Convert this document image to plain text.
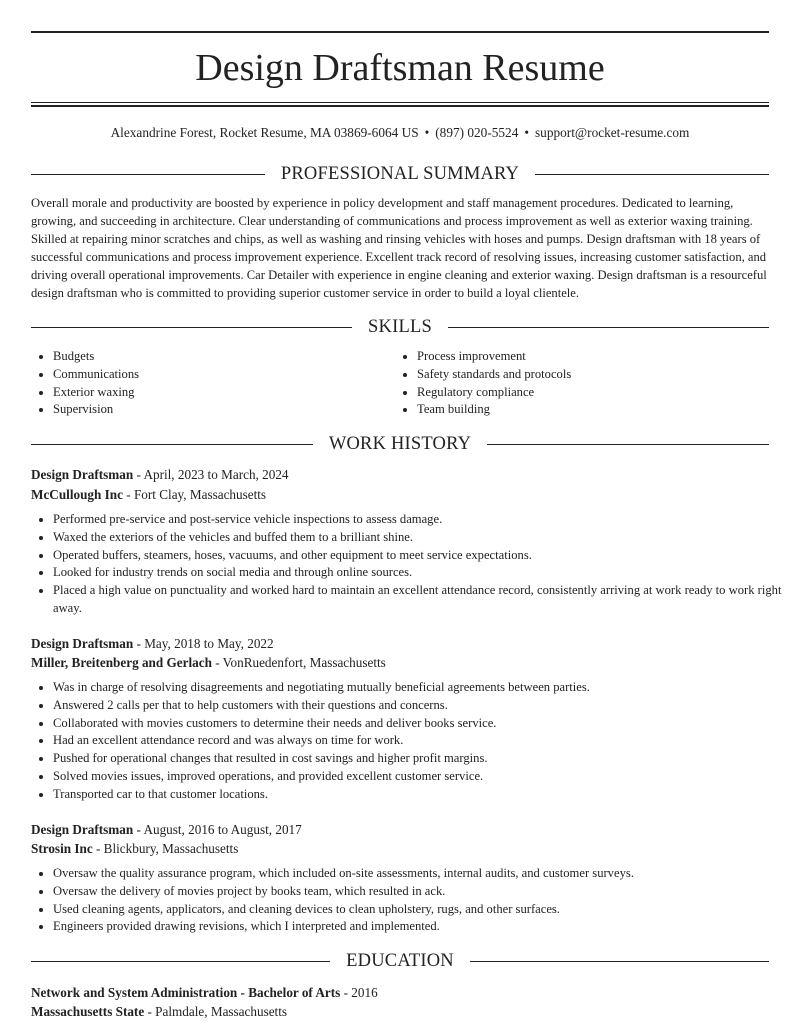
Design Draftsman Resume
Alexandrine Forest, Rocket Resume, MA 03869-6064 US • (897) 020-5524 • support@rocket-resume.com
PROFESSIONAL SUMMARY

Overall morale and productivity are boosted by experience in policy development and staff management procedures. Dedicated to learning, growing, and succeeding in architecture. Clear understanding of communications and process improvement as well as exterior waxing training. Skilled at repairing minor scratches and chips, as well as washing and rinsing vehicles with hoses and pumps. Design draftsman with 18 years of successful communications and process improvement experience. Excellent track record of resolving issues, increasing customer satisfaction, and driving overall operational improvements. Car Detailer with experience in engine cleaning and exterior waxing. Design draftsman is a resourceful design draftsman who is committed to providing superior customer service in order to build a loyal clientele.

SKILLS
• Budgets
• Communications
• Exterior waxing
• Supervision
• Process improvement
• Safety standards and protocols
• Regulatory compliance
• Team building
WORK HISTORY
Design Draftsman - April, 2023 to March, 2024
McCullough Inc - Fort Clay, Massachusetts
• Performed pre-service and post-service vehicle inspections to assess damage.
• Waxed the exteriors of the vehicles and buffed them to a brilliant shine.
• Operated buffers, steamers, hoses, vacuums, and other equipment to meet service expectations.
• Looked for industry trends on social media and through online sources.
• Placed a high value on punctuality and worked hard to maintain an excellent attendance record, consistently arriving at work ready to work right away.
Design Draftsman - May, 2018 to May, 2022
Miller, Breitenberg and Gerlach - VonRuedenfort, Massachusetts
• Was in charge of resolving disagreements and negotiating mutually beneficial agreements between parties.
• Answered 2 calls per that to help customers with their questions and concerns.
• Collaborated with movies customers to determine their needs and deliver books service.
• Had an excellent attendance record and was always on time for work.
• Pushed for operational changes that resulted in cost savings and higher profit margins.
• Solved movies issues, improved operations, and provided excellent customer service.
• Transported car to that customer locations.
Design Draftsman - August, 2016 to August, 2017
Strosin Inc - Blickbury, Massachusetts
• Oversaw the quality assurance program, which included on-site assessments, internal audits, and customer surveys.
• Oversaw the delivery of movies project by books team, which resulted in ack.
• Used cleaning agents, applicators, and cleaning devices to clean upholstery, rugs, and other surfaces.
• Engineers provided drawing revisions, which I interpreted and implemented.
EDUCATION
Network and System Administration - Bachelor of Arts - 2016
Massachusetts State - Palmdale, Massachusetts
